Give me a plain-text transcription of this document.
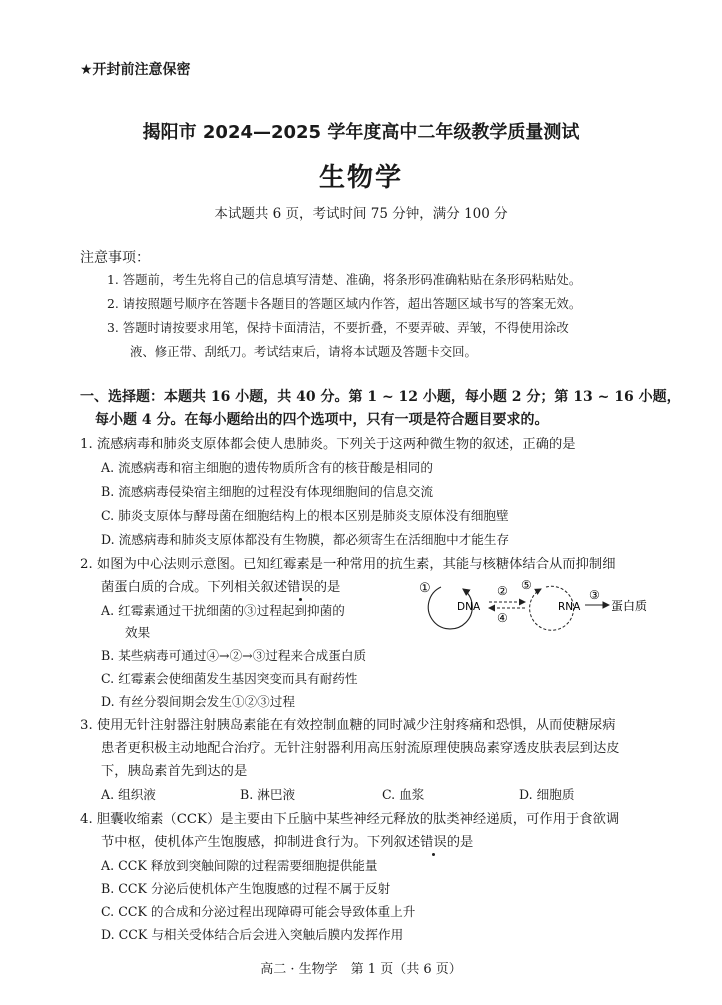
★开封前注意保密
揭阳市 2024—2025 学年度高中二年级教学质量测试
生物学
本试题共 6 页，考试时间 75 分钟，满分 100 分
注意事项：
1. 答题前，考生先将自己的信息填写清楚、准确，将条形码准确粘贴在条形码粘贴处。
2. 请按照题号顺序在答题卡各题目的答题区域内作答，超出答题区域书写的答案无效。
3. 答题时请按要求用笔，保持卡面清洁，不要折叠，不要弄破、弄皱，不得使用涂改
液、修正带、刮纸刀。考试结束后，请将本试题及答题卡交回。
一、选择题：本题共 16 小题，共 40 分。第 1 ~ 12 小题，每小题 2 分；第 13 ~ 16 小题，
每小题 4 分。在每小题给出的四个选项中，只有一项是符合题目要求的。
1. 流感病毒和肺炎支原体都会使人患肺炎。下列关于这两种微生物的叙述，正确的是
A. 流感病毒和宿主细胞的遗传物质所含有的核苷酸是相同的
B. 流感病毒侵染宿主细胞的过程没有体现细胞间的信息交流
C. 肺炎支原体与酵母菌在细胞结构上的根本区别是肺炎支原体没有细胞壁
D. 流感病毒和肺炎支原体都没有生物膜，都必须寄生在活细胞中才能生存
2. 如图为中心法则示意图。已知红霉素是一种常用的抗生素，其能与核糖体结合从而抑制细
菌蛋白质的合成。下列相关叙述错误的是
A. 红霉素通过干扰细菌的③过程起到抑菌的
效果
B. 某些病毒可通过④→②→③过程来合成蛋白质
C. 红霉素会使细菌发生基因突变而具有耐药性
D. 有丝分裂间期会发生①②③过程
①
DNA
②
④
⑤
RNA
③
蛋白质
3. 使用无针注射器注射胰岛素能在有效控制血糖的同时减少注射疼痛和恐惧，从而使糖尿病
患者更积极主动地配合治疗。无针注射器利用高压射流原理使胰岛素穿透皮肤表层到达皮
下，胰岛素首先到达的是
A. 组织液	B. 淋巴液	C. 血浆	D. 细胞质
4. 胆囊收缩素（CCK）是主要由下丘脑中某些神经元释放的肽类神经递质，可作用于食欲调
节中枢，使机体产生饱腹感，抑制进食行为。下列叙述错误的是
A. CCK 释放到突触间隙的过程需要细胞提供能量
B. CCK 分泌后使机体产生饱腹感的过程不属于反射
C. CCK 的合成和分泌过程出现障碍可能会导致体重上升
D. CCK 与相关受体结合后会进入突触后膜内发挥作用
高二 · 生物学　第 1 页（共 6 页）
